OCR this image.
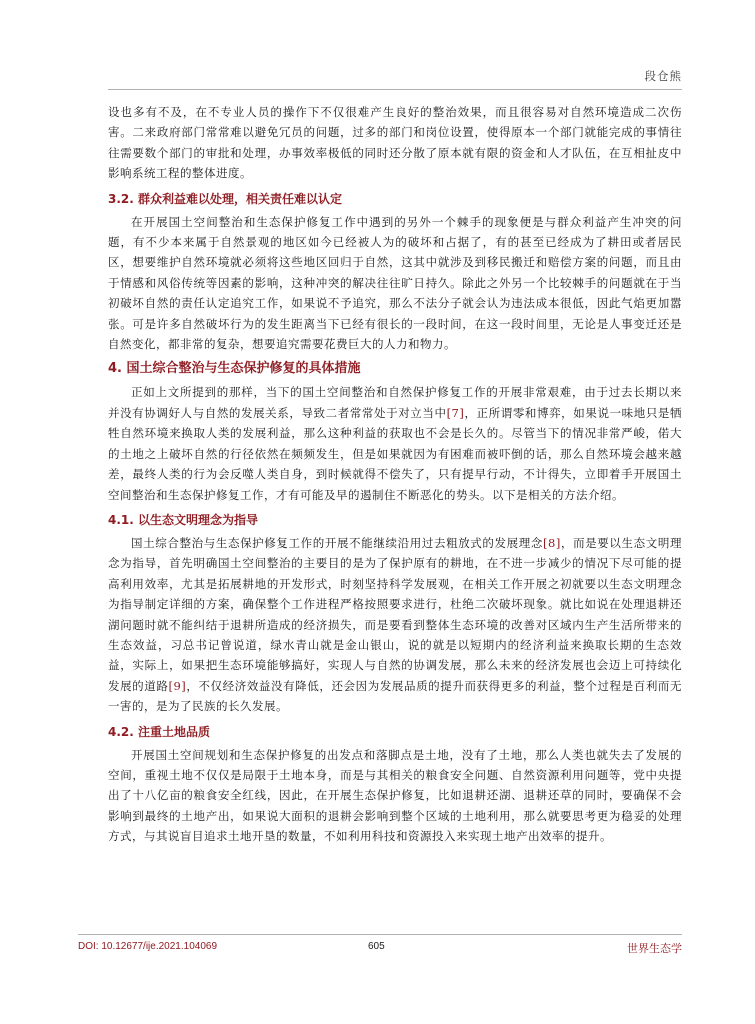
段仓熊

设也多有不及，在不专业人员的操作下不仅很难产生良好的整治效果，而且很容易对自然环境造成二次伤害。二来政府部门常常难以避免冗员的问题，过多的部门和岗位设置，使得原本一个部门就能完成的事情往往需要数个部门的审批和处理，办事效率极低的同时还分散了原本就有限的资金和人才队伍，在互相扯皮中影响系统工程的整体进度。

3.2. 群众利益难以处理，相关责任难以认定

在开展国土空间整治和生态保护修复工作中遇到的另外一个棘手的现象便是与群众利益产生冲突的问题，有不少本来属于自然景观的地区如今已经被人为的破坏和占据了，有的甚至已经成为了耕田或者居民区，想要维护自然环境就必须将这些地区回归于自然，这其中就涉及到移民搬迁和赔偿方案的问题，而且由于情感和风俗传统等因素的影响，这种冲突的解决往往旷日持久。除此之外另一个比较棘手的问题就在于当初破坏自然的责任认定追究工作，如果说不予追究，那么不法分子就会认为违法成本很低，因此气焰更加嚣张。可是许多自然破坏行为的发生距离当下已经有很长的一段时间，在这一段时间里，无论是人事变迁还是自然变化，都非常的复杂，想要追究需要花费巨大的人力和物力。

4. 国土综合整治与生态保护修复的具体措施

正如上文所提到的那样，当下的国土空间整治和自然保护修复工作的开展非常艰难，由于过去长期以来并没有协调好人与自然的发展关系，导致二者常常处于对立当中[7]，正所谓零和博弈，如果说一味地只是牺牲自然环境来换取人类的发展利益，那么这种利益的获取也不会是长久的。尽管当下的情况非常严峻，偌大的土地之上破坏自然的行径依然在频频发生，但是如果就因为有困难而被吓倒的话，那么自然环境会越来越差，最终人类的行为会反噬人类自身，到时候就得不偿失了，只有提早行动，不计得失，立即着手开展国土空间整治和生态保护修复工作，才有可能及早的遏制住不断恶化的势头。以下是相关的方法介绍。

4.1. 以生态文明理念为指导

国土综合整治与生态保护修复工作的开展不能继续沿用过去粗放式的发展理念[8]，而是要以生态文明理念为指导，首先明确国土空间整治的主要目的是为了保护原有的耕地，在不进一步减少的情况下尽可能的提高利用效率，尤其是拓展耕地的开发形式，时刻坚持科学发展观，在相关工作开展之初就要以生态文明理念为指导制定详细的方案，确保整个工作进程严格按照要求进行，杜绝二次破坏现象。就比如说在处理退耕还湖问题时就不能纠结于退耕所造成的经济损失，而是要看到整体生态环境的改善对区域内生产生活所带来的生态效益，习总书记曾说道，绿水青山就是金山银山，说的就是以短期内的经济利益来换取长期的生态效益，实际上，如果把生态环境能够搞好，实现人与自然的协调发展，那么未来的经济发展也会迈上可持续化发展的道路[9]，不仅经济效益没有降低，还会因为发展品质的提升而获得更多的利益，整个过程是百利而无一害的，是为了民族的长久发展。

4.2. 注重土地品质

开展国土空间规划和生态保护修复的出发点和落脚点是土地，没有了土地，那么人类也就失去了发展的空间，重视土地不仅仅是局限于土地本身，而是与其相关的粮食安全问题、自然资源利用问题等，党中央提出了十八亿亩的粮食安全红线，因此，在开展生态保护修复，比如退耕还湖、退耕还草的同时，要确保不会影响到最终的土地产出，如果说大面积的退耕会影响到整个区域的土地利用，那么就要思考更为稳妥的处理方式，与其说盲目追求土地开垦的数量，不如利用科技和资源投入来实现土地产出效率的提升。

DOI: 10.12677/ije.2021.104069	605	世界生态学
